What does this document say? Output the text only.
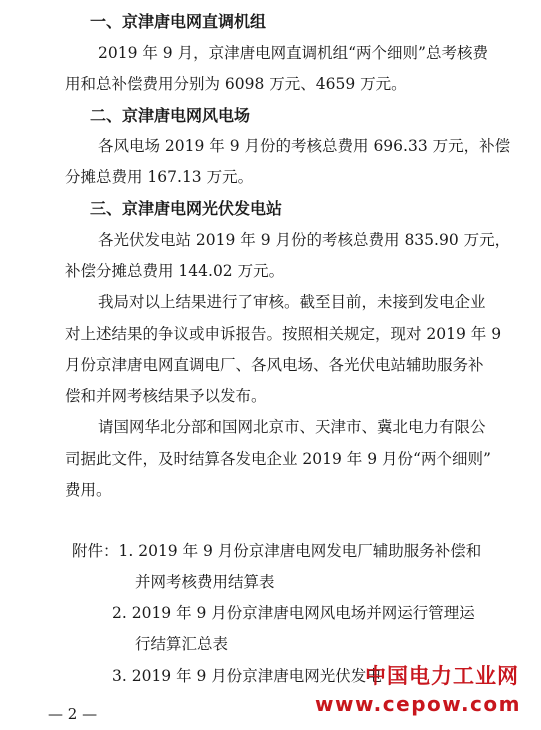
一、京津唐电网直调机组
2019 年 9 月，京津唐电网直调机组“两个细则”总考核费
用和总补偿费用分别为 6098 万元、4659 万元。
二、京津唐电网风电场
各风电场 2019 年 9 月份的考核总费用 696.33 万元，补偿
分摊总费用 167.13 万元。
三、京津唐电网光伏发电站
各光伏发电站 2019 年 9 月份的考核总费用 835.90 万元，
补偿分摊总费用 144.02 万元。
我局对以上结果进行了审核。截至目前，未接到发电企业
对上述结果的争议或申诉报告。按照相关规定，现对 2019 年 9
月份京津唐电网直调电厂、各风电场、各光伏电站辅助服务补
偿和并网考核结果予以发布。
请国网华北分部和国网北京市、天津市、冀北电力有限公
司据此文件，及时结算各发电企业 2019 年 9 月份“两个细则”
费用。
附件：1. 2019 年 9 月份京津唐电网发电厂辅助服务补偿和
并网考核费用结算表
2. 2019 年 9 月份京津唐电网风电场并网运行管理运
行结算汇总表
3. 2019 年 9 月份京津唐电网光伏发电
中国电力工业网
www.cepow.com
— 2 —
